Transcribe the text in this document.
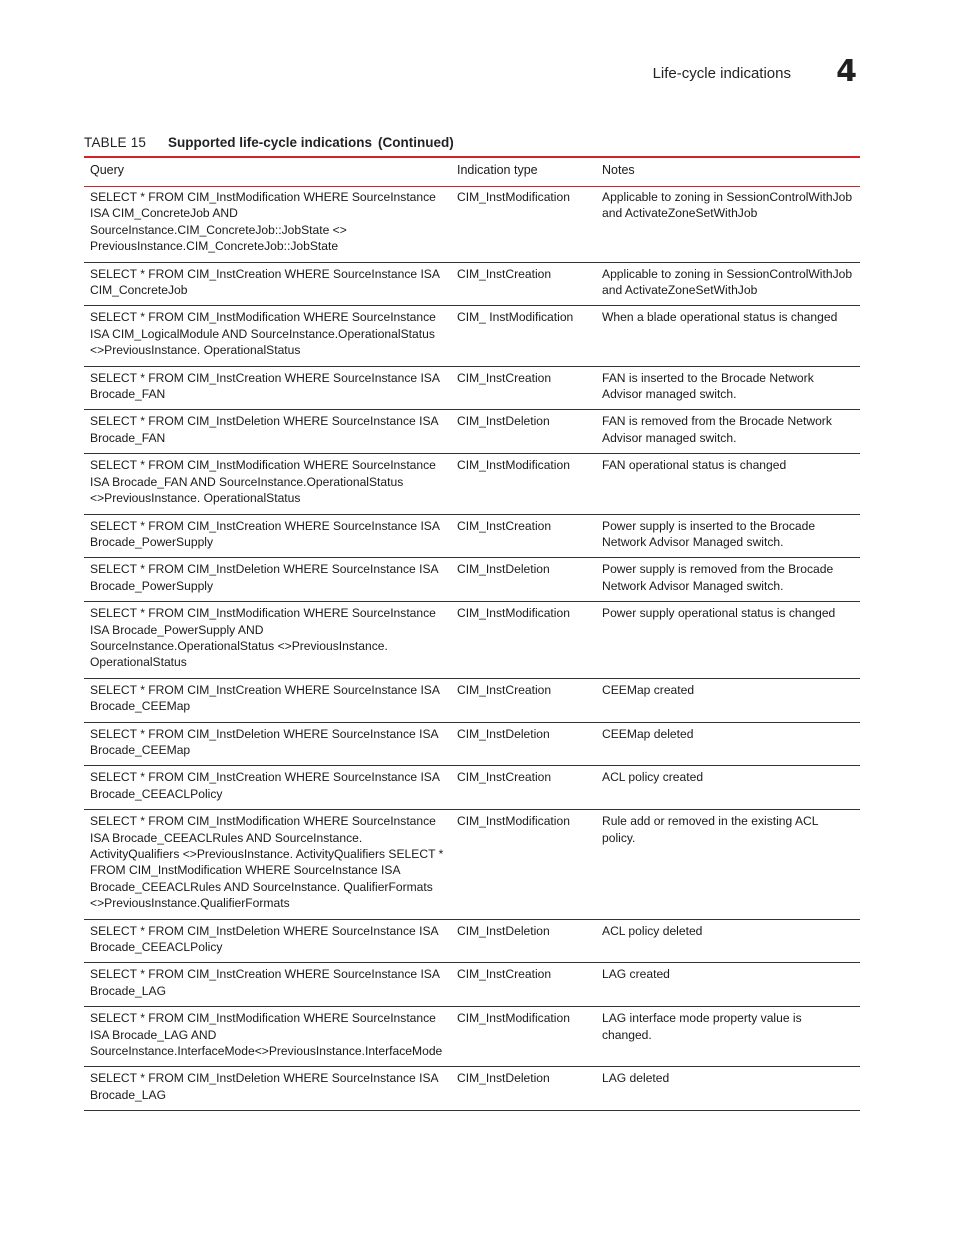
Life-cycle indications 4
TABLE 15 Supported life-cycle indications (Continued)
Query	Indication type	Notes
SELECT * FROM CIM_InstModification WHERE SourceInstance ISA CIM_ConcreteJob AND SourceInstance.CIM_ConcreteJob::JobState <> PreviousInstance.CIM_ConcreteJob::JobState	CIM_InstModification	Applicable to zoning in SessionControlWithJob and ActivateZoneSetWithJob
SELECT * FROM CIM_InstCreation WHERE SourceInstance ISA CIM_ConcreteJob	CIM_InstCreation	Applicable to zoning in SessionControlWithJob and ActivateZoneSetWithJob
SELECT * FROM CIM_InstModification WHERE SourceInstance ISA CIM_LogicalModule AND SourceInstance.OperationalStatus <>PreviousInstance. OperationalStatus	CIM_ InstModification	When a blade operational status is changed
SELECT * FROM CIM_InstCreation WHERE SourceInstance ISA Brocade_FAN	CIM_InstCreation	FAN is inserted to the Brocade Network Advisor managed switch.
SELECT * FROM CIM_InstDeletion WHERE SourceInstance ISA Brocade_FAN	CIM_InstDeletion	FAN is removed from the Brocade Network Advisor managed switch.
SELECT * FROM CIM_InstModification WHERE SourceInstance ISA Brocade_FAN AND SourceInstance.OperationalStatus <>PreviousInstance. OperationalStatus	CIM_InstModification	FAN operational status is changed
SELECT * FROM CIM_InstCreation WHERE SourceInstance ISA Brocade_PowerSupply	CIM_InstCreation	Power supply is inserted to the Brocade Network Advisor Managed switch.
SELECT * FROM CIM_InstDeletion WHERE SourceInstance ISA Brocade_PowerSupply	CIM_InstDeletion	Power supply is removed from the Brocade Network Advisor Managed switch.
SELECT * FROM CIM_InstModification WHERE SourceInstance ISA Brocade_PowerSupply AND SourceInstance.OperationalStatus <>PreviousInstance. OperationalStatus	CIM_InstModification	Power supply operational status is changed
SELECT * FROM CIM_InstCreation WHERE SourceInstance ISA Brocade_CEEMap	CIM_InstCreation	CEEMap created
SELECT * FROM CIM_InstDeletion WHERE SourceInstance ISA Brocade_CEEMap	CIM_InstDeletion	CEEMap deleted
SELECT * FROM CIM_InstCreation WHERE SourceInstance ISA Brocade_CEEACLPolicy	CIM_InstCreation	ACL policy created
SELECT * FROM CIM_InstModification WHERE SourceInstance ISA Brocade_CEEACLRules AND SourceInstance. ActivityQualifiers <>PreviousInstance. ActivityQualifiers SELECT * FROM CIM_InstModification WHERE SourceInstance ISA Brocade_CEEACLRules AND SourceInstance. QualifierFormats <>PreviousInstance.QualifierFormats	CIM_InstModification	Rule add or removed in the existing ACL policy.
SELECT * FROM CIM_InstDeletion WHERE SourceInstance ISA Brocade_CEEACLPolicy	CIM_InstDeletion	ACL policy deleted
SELECT * FROM CIM_InstCreation WHERE SourceInstance ISA Brocade_LAG	CIM_InstCreation	LAG created
SELECT * FROM CIM_InstModification WHERE SourceInstance ISA Brocade_LAG AND SourceInstance.InterfaceMode<>PreviousInstance.InterfaceMode	CIM_InstModification	LAG interface mode property value is changed.
SELECT * FROM CIM_InstDeletion WHERE SourceInstance ISA Brocade_LAG	CIM_InstDeletion	LAG deleted
